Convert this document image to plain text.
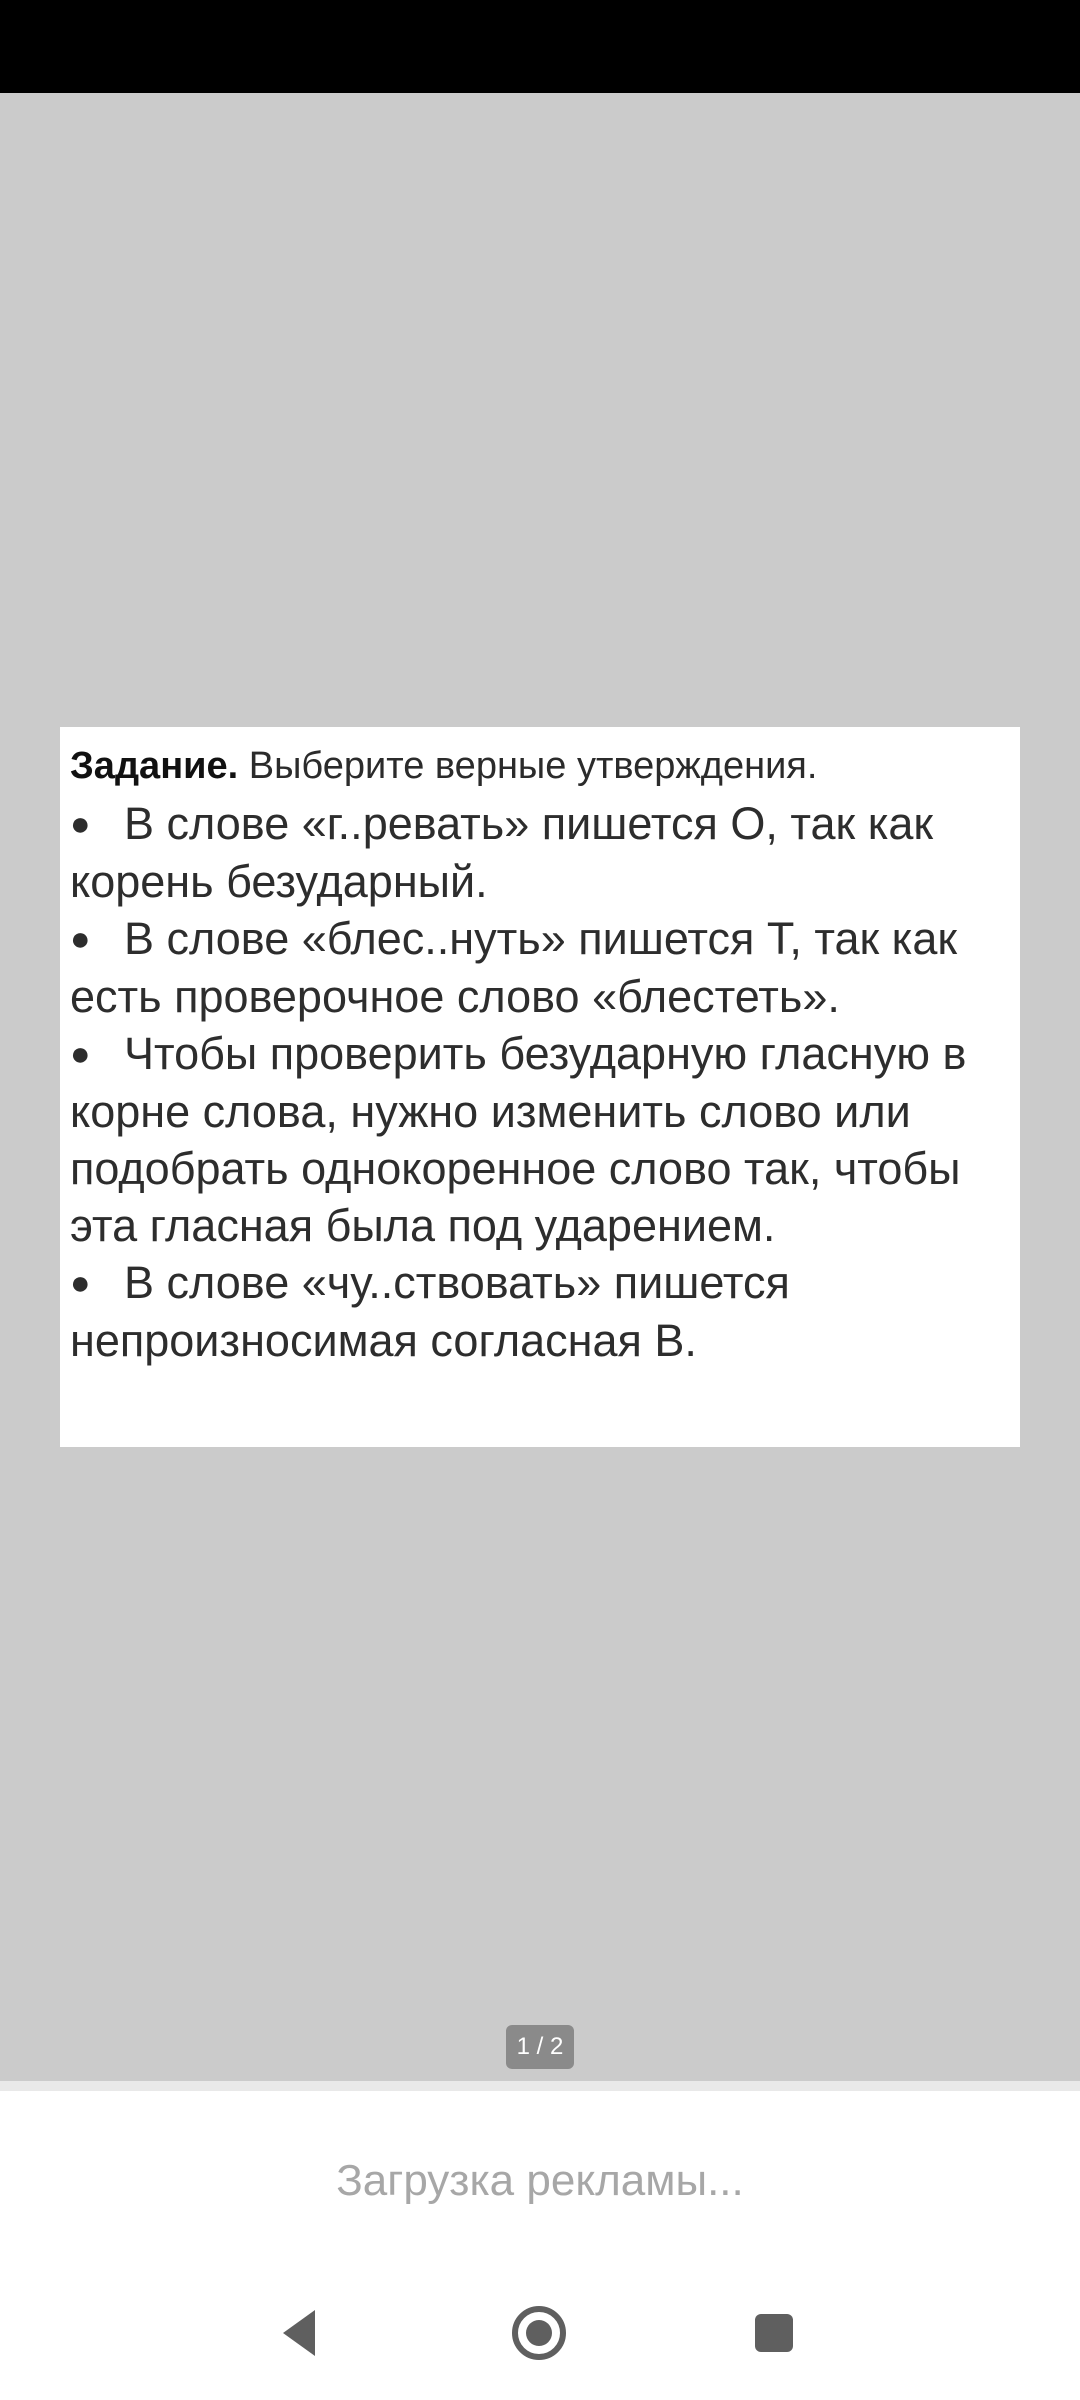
Задание. Выберите верные утверждения.
● В слове «г..ревать» пишется О, так как корень безударный.
● В слове «блес..нуть» пишется Т, так как есть проверочное слово «блестеть».
● Чтобы проверить безударную гласную в корне слова, нужно изменить слово или подобрать однокоренное слово так, чтобы эта гласная была под ударением.
● В слове «чу..ствовать» пишется непроизносимая согласная В.
1 / 2
Загрузка рекламы...
